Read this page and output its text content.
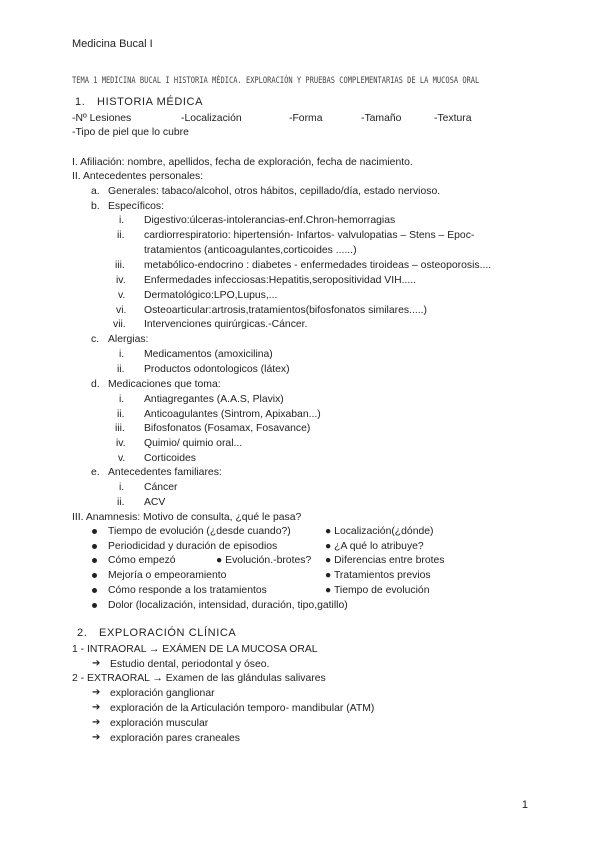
Medicina Bucal I
TEMA 1 MEDICINA BUCAL I HISTORIA MÉDICA. EXPLORACIÓN Y PRUEBAS COMPLEMENTARIAS DE LA MUCOSA ORAL
1. HISTORIA MÉDICA
-Nº Lesiones	-Localización	-Forma	-Tamaño	-Textura
-Tipo de piel que lo cubre
I. Afiliación: nombre, apellidos, fecha de exploración, fecha de nacimiento.
II. Antecedentes personales:
a. Generales: tabaco/alcohol, otros hábitos, cepillado/día, estado nervioso.
b. Específicos:
i. Digestivo:úlceras-intolerancias-enf.Chron-hemorragias
ii. cardiorrespiratorio: hipertensión- Infartos- valvulopatias – Stens – Epoc-
tratamientos (anticoagulantes,corticoides ......)
iii. metabólico-endocrino : diabetes - enfermedades tiroideas – osteoporosis....
iv. Enfermedades infecciosas:Hepatitis,seropositividad VIH.....
v. Dermatológico:LPO,Lupus,...
vi. Osteoarticular:artrosis,tratamientos(bifosfonatos similares.....)
vii. Intervenciones quirúrgicas.-Cáncer.
c. Alergias:
i. Medicamentos (amoxicilina)
ii. Productos odontologicos (látex)
d. Medicaciones que toma:
i. Antiagregantes (A.A.S, Plavix)
ii. Anticoagulantes (Sintrom, Apixaban...)
iii. Bifosfonatos (Fosamax, Fosavance)
iv. Quimio/ quimio oral...
v. Corticoides
e. Antecedentes familiares:
i. Cáncer
ii. ACV
III. Anamnesis: Motivo de consulta, ¿qué le pasa?
Tiempo de evolución (¿desde cuando?)	● Localización(¿dónde)
Periodicidad y duración de episodios	● ¿A qué lo atribuye?
Cómo empezó	● Evolución.-brotes? ● Diferencias entre brotes
Mejoría o empeoramiento	● Tratamientos previos
Cómo responde a los tratamientos	● Tiempo de evolución
Dolor (localización, intensidad, duración, tipo,gatillo)
2. EXPLORACIÓN CLÍNICA
1 - INTRAORAL → EXÁMEN DE LA MUCOSA ORAL
➔ Estudio dental, periodontal y óseo.
2 - EXTRAORAL → Examen de las glándulas salivares
➔ exploración ganglionar
➔ exploración de la Articulación temporo- mandibular (ATM)
➔ exploración muscular
➔ exploración pares craneales
1
